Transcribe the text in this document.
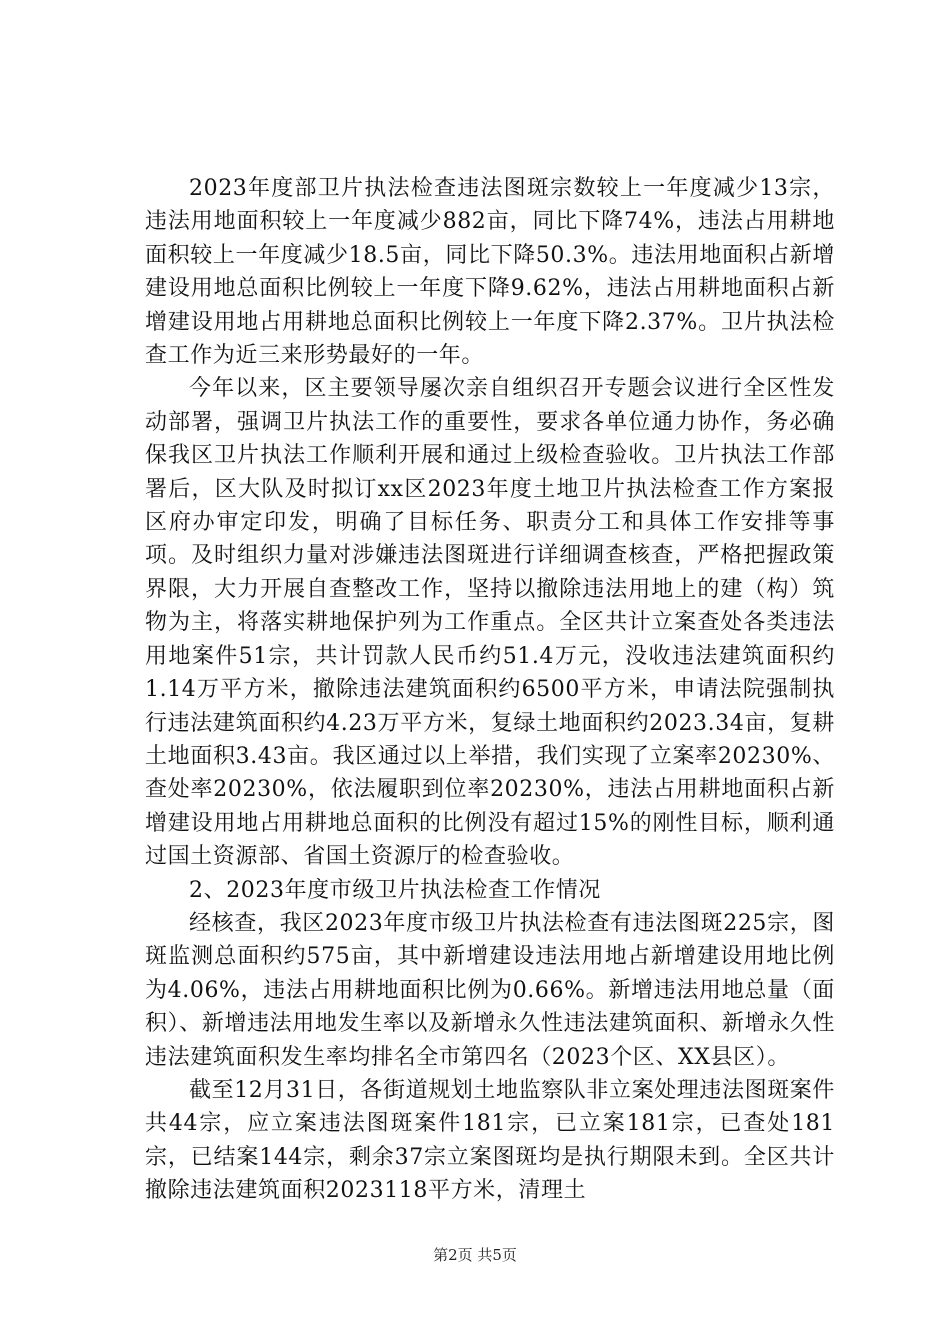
2023年度部卫片执法检查违法图斑宗数较上一年度减少13宗，违法用地面积较上一年度减少882亩，同比下降74%，违法占用耕地面积较上一年度减少18.5亩，同比下降50.3%。违法用地面积占新增建设用地总面积比例较上一年度下降9.62%，违法占用耕地面积占新增建设用地占用耕地总面积比例较上一年度下降2.37%。卫片执法检查工作为近三来形势最好的一年。

今年以来，区主要领导屡次亲自组织召开专题会议进行全区性发动部署，强调卫片执法工作的重要性，要求各单位通力协作，务必确保我区卫片执法工作顺利开展和通过上级检查验收。卫片执法工作部署后，区大队及时拟订xx区2023年度土地卫片执法检查工作方案报区府办审定印发，明确了目标任务、职责分工和具体工作安排等事项。及时组织力量对涉嫌违法图斑进行详细调查核查，严格把握政策界限，大力开展自查整改工作，坚持以撤除违法用地上的建（构）筑物为主，将落实耕地保护列为工作重点。全区共计立案查处各类违法用地案件51宗，共计罚款人民币约51.4万元，没收违法建筑面积约1.14万平方米，撤除违法建筑面积约6500平方米，申请法院强制执行违法建筑面积约4.23万平方米，复绿土地面积约2023.34亩，复耕土地面积3.43亩。我区通过以上举措，我们实现了立案率20230%、查处率20230%，依法履职到位率20230%，违法占用耕地面积占新增建设用地占用耕地总面积的比例没有超过15%的刚性目标，顺利通过国土资源部、省国土资源厅的检查验收。

2、2023年度市级卫片执法检查工作情况

经核查，我区2023年度市级卫片执法检查有违法图斑225宗，图斑监测总面积约575亩，其中新增建设违法用地占新增建设用地比例为4.06%，违法占用耕地面积比例为0.66%。新增违法用地总量（面积）、新增违法用地发生率以及新增永久性违法建筑面积、新增永久性违法建筑面积发生率均排名全市第四名（2023个区、XX县区）。

截至12月31日，各街道规划土地监察队非立案处理违法图斑案件共44宗，应立案违法图斑案件181宗，已立案181宗，已查处181宗，已结案144宗，剩余37宗立案图斑均是执行期限未到。全区共计撤除违法建筑面积2023118平方米，清理土

第2页 共5页
